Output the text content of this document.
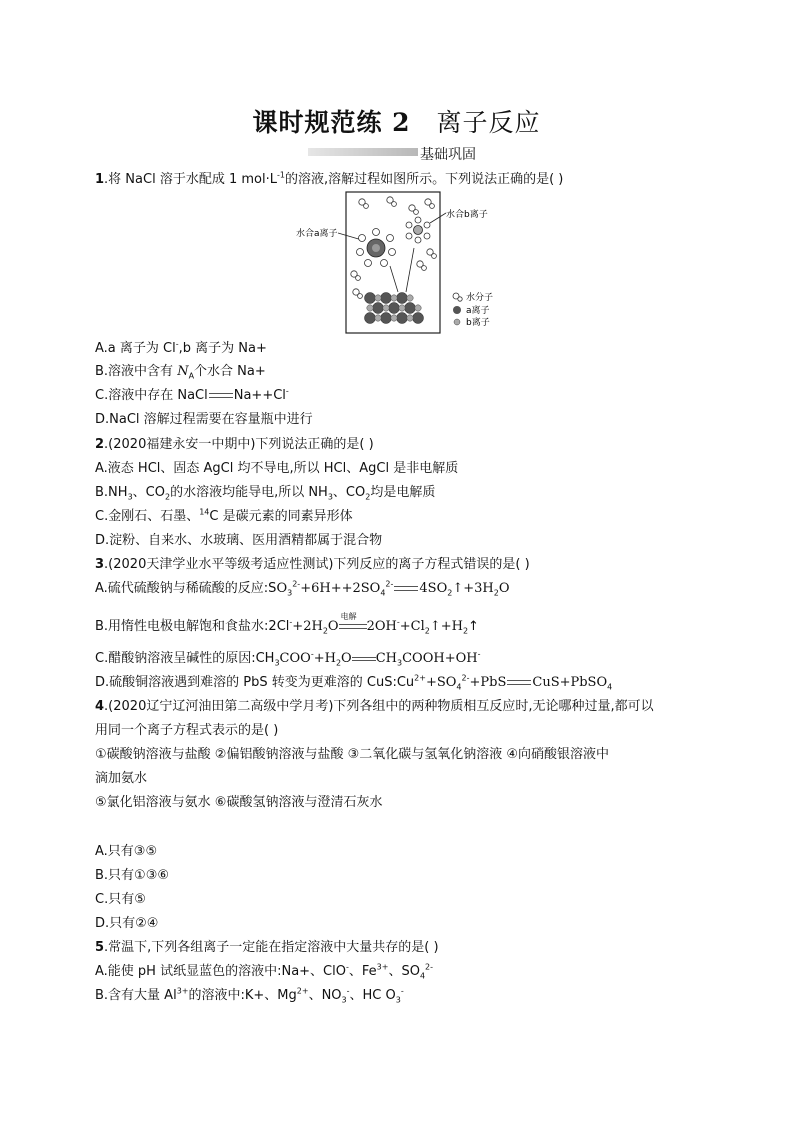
课时规范练 2 离子反应
基础巩固
1.将 NaCl 溶于水配成 1 $mol\cdot L^{-1}$的溶液,溶解过程如图所示。下列说法正确的是( )
水合a离子
水合b离子
水分子
a离子
b离子
A.a 离子为 Cl-,b 离子为 Na+
B.溶液中含有 $N_A$个水合 Na+
C.溶液中存在 NaCl Na++Cl-
D.NaCl 溶解过程需要在容量瓶中进行
2.(2020福建永安一中期中)下列说法正确的是( )
A.液态 HCl、固态 AgCl 均不导电,所以 HCl、AgCl 是非电解质
$B.NH_3$、$CO_2$的水溶液均能导电,所以 $NH_3$、$CO_2$均是电解质
C.金刚石、石墨、$^{14}$C 是碳元素的同素异形体
D.淀粉、自来水、水玻璃、医用酒精都属于混合物
3.(2020天津学业水平等级考适应性测试)下列反应的离子方程式错误的是( )
A.硫代硫酸钠与稀硫酸的反应$:SO_3^{2-}+6H++2SO_4^{2-}$ $4SO_2↑+3H_2O$
B.用惰性电极电解饱和食盐水$:2Cl^-+2H_2O$
电解
$2OH^-+Cl_2↑+H_2↑$
C.醋酸钠溶液呈碱性的原因$:CH_3COO^-+H_2O$ $CH_3COOH+OH^-$
D.硫酸铜溶液遇到难溶的 PbS 转变为更难溶的 $CuS:Cu^{2+}+SO_4^{2-}+PbS$ CuS+PbSO$_4$
4.(2020辽宁辽河油田第二高级中学月考)下列各组中的两种物质相互反应时,无论哪种过量,都可以
用同一个离子方程式表示的是( )
①碳酸钠溶液与盐酸 ②偏铝酸钠溶液与盐酸 ③二氧化碳与氢氧化钠溶液 ④向硝酸银溶液中
滴加氨水
⑤氯化铝溶液与氨水 ⑥碳酸氢钠溶液与澄清石灰水
A.只有③⑤
B.只有①③⑥
C.只有⑤
D.只有②④
5.常温下,下列各组离子一定能在指定溶液中大量共存的是( )
A.能使 pH 试纸显蓝色的溶液中:Na+、ClO-、$Fe^{3+}$、$SO_4^{2-}$
B.含有大量 $Al^{3+}$的溶液中:K+、$Mg^{2+}$、$NO_3^-$、HC $O_3^-$
